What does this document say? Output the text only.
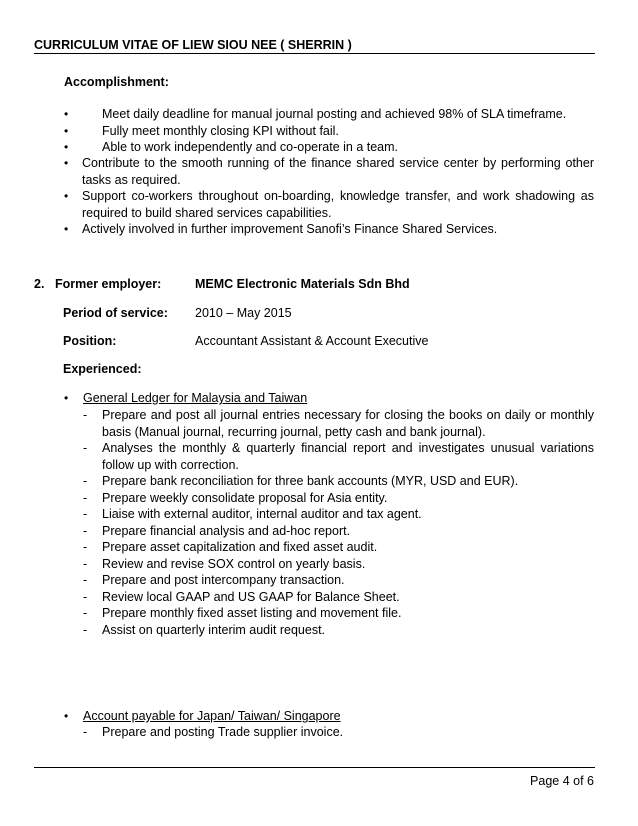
CURRICULUM VITAE OF LIEW SIOU NEE ( SHERRIN )
Accomplishment:
•	Meet daily deadline for manual journal posting and achieved 98% of SLA timeframe.
•	Fully meet monthly closing KPI without fail.
•	Able to work independently and co-operate in a team.
• Contribute to the smooth running of the finance shared service center by performing other tasks as required.
• Support co-workers throughout on-boarding, knowledge transfer, and work shadowing as required to build shared services capabilities.
• Actively involved in further improvement Sanofi’s Finance Shared Services.
2. Former employer:	MEMC Electronic Materials Sdn Bhd
Period of service: 2010 – May 2015
Position:	Accountant Assistant & Account Executive
Experienced:
• General Ledger for Malaysia and Taiwan
- Prepare and post all journal entries necessary for closing the books on daily or monthly basis (Manual journal, recurring journal, petty cash and bank journal).
- Analyses the monthly & quarterly financial report and investigates unusual variations follow up with correction.
- Prepare bank reconciliation for three bank accounts (MYR, USD and EUR).
- Prepare weekly consolidate proposal for Asia entity.
- Liaise with external auditor, internal auditor and tax agent.
- Prepare financial analysis and ad-hoc report.
- Prepare asset capitalization and fixed asset audit.
- Review and revise SOX control on yearly basis.
- Prepare and post intercompany transaction.
- Review local GAAP and US GAAP for Balance Sheet.
- Prepare monthly fixed asset listing and movement file.
- Assist on quarterly interim audit request.
• Account payable for Japan/ Taiwan/ Singapore
- Prepare and posting Trade supplier invoice.
Page 4 of 6
